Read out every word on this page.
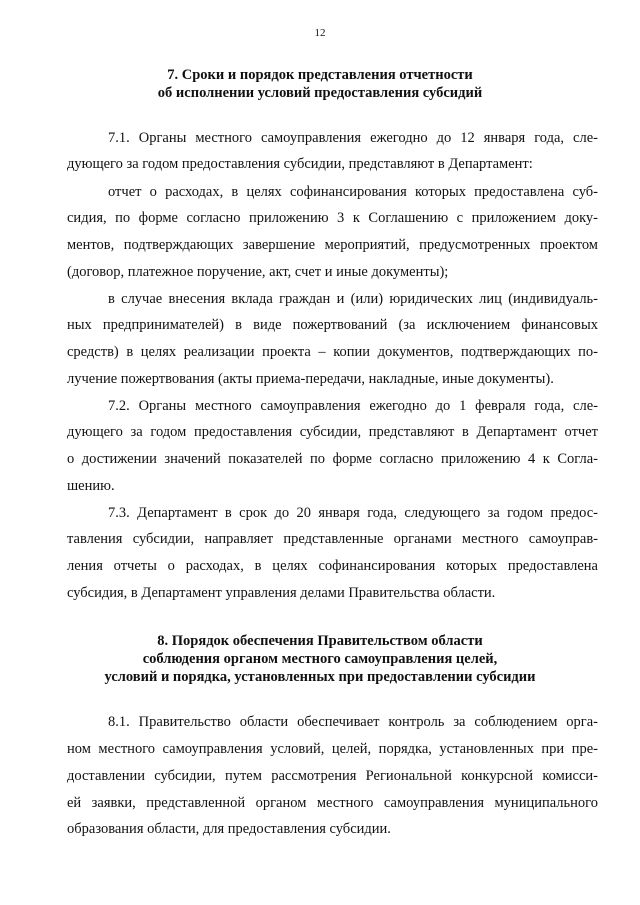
12
7. Сроки и порядок представления отчетности
об исполнении условий предоставления субсидий
7.1. Органы местного самоуправления ежегодно до 12 января года, сле-
дующего за годом предоставления субсидии, представляют в Департамент:
отчет о расходах, в целях софинансирования которых предоставлена суб-
сидия, по форме согласно приложению 3 к Соглашению с приложением доку-
ментов, подтверждающих завершение мероприятий, предусмотренных проектом
(договор, платежное поручение, акт, счет и иные документы);
в случае внесения вклада граждан и (или) юридических лиц (индивидуаль-
ных предпринимателей) в виде пожертвований (за исключением финансовых
средств) в целях реализации проекта – копии документов, подтверждающих по-
лучение пожертвования (акты приема-передачи, накладные, иные документы).
7.2. Органы местного самоуправления ежегодно до 1 февраля года, сле-
дующего за годом предоставления субсидии, представляют в Департамент отчет
о достижении значений показателей по форме согласно приложению 4 к Согла-
шению.
7.3. Департамент в срок до 20 января года, следующего за годом предос-
тавления субсидии, направляет представленные органами местного самоуправ-
ления отчеты о расходах, в целях софинансирования которых предоставлена
субсидия, в Департамент управления делами Правительства области.
8. Порядок обеспечения Правительством области
соблюдения органом местного самоуправления целей,
условий и порядка, установленных при предоставлении субсидии
8.1. Правительство области обеспечивает контроль за соблюдением орга-
ном местного самоуправления условий, целей, порядка, установленных при пре-
доставлении субсидии, путем рассмотрения Региональной конкурсной комисси-
ей заявки, представленной органом местного самоуправления муниципального
образования области, для предоставления субсидии.
